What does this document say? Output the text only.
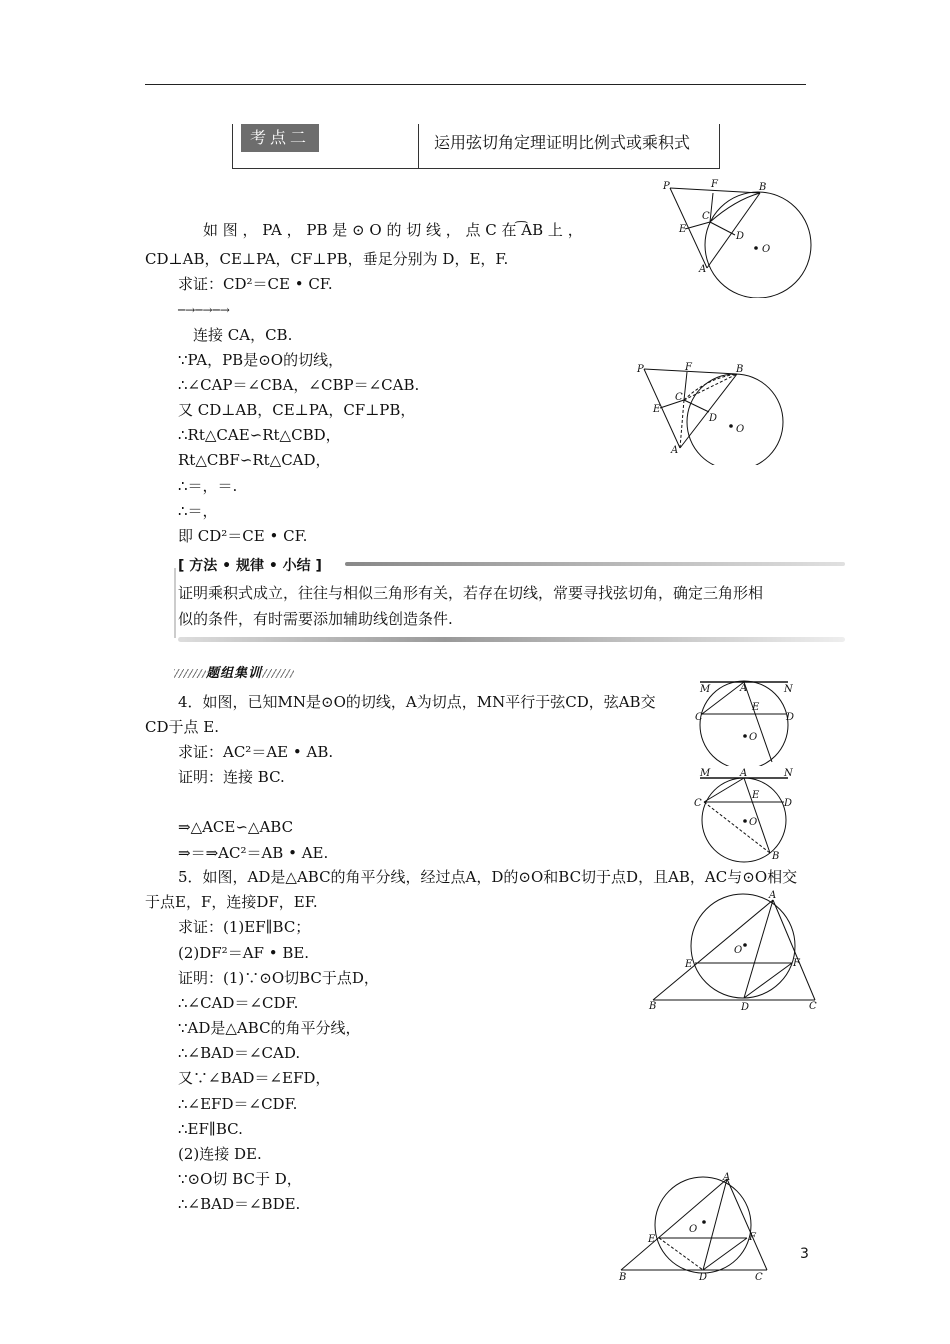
考点二	运用弦切角定理证明比例式或乘积式
如 图 ， PA ， PB 是 ⊙ O 的 切 线 ， 点 C 在 ͡AB 上 ，
CD⊥AB，CE⊥PA，CF⊥PB，垂足分别为 D，E，F.
求证：CD²＝CE • CF.
─→─→─→
连接 CA，CB.
∵PA，PB是⊙O的切线，
∴∠CAP＝∠CBA，∠CBP＝∠CAB.
又 CD⊥AB，CE⊥PA，CF⊥PB，
∴Rt△CAE∽Rt△CBD，
Rt△CBF∽Rt△CAD，
∴＝，＝.
∴＝，
即 CD²＝CE • CF.
P	F	B
C
E
D
O
A
P	F	B
C
E
D
O
A
[ 方法 • 规律 • 小结 ]
证明乘积式成立，往往与相似三角形有关，若存在切线，常要寻找弦切角，确定三角形相
似的条件，有时需要添加辅助线创造条件.
题组集训
4．如图，已知MN是⊙O的切线，A为切点，MN平行于弦CD，弦AB交
CD于点 E.
求证：AC²＝AE • AB.
证明：连接 BC.
⇒△ACE∽△ABC
⇒＝⇒AC²＝AB • AE.
M	A	N
C
E
D
O
M	A	N
C
E
D
O
B
5．如图，AD是△ABC的角平分线，经过点A，D的⊙O和BC切于点D，且AB，AC与⊙O相交
于点E，F，连接DF，EF.
求证：(1)EF∥BC；
(2)DF²＝AF • BE.
证明：(1)∵⊙O切BC于点D，
∴∠CAD＝∠CDF.
∵AD是△ABC的角平分线，
∴∠BAD＝∠CAD.
又∵∠BAD＝∠EFD，
∴∠EFD＝∠CDF.
∴EF∥BC.
(2)连接 DE.
∵⊙O切 BC于 D，
∴∠BAD＝∠BDE.
A
O
E	F
B	D	C
A
O
E	F
B	D	C
3
